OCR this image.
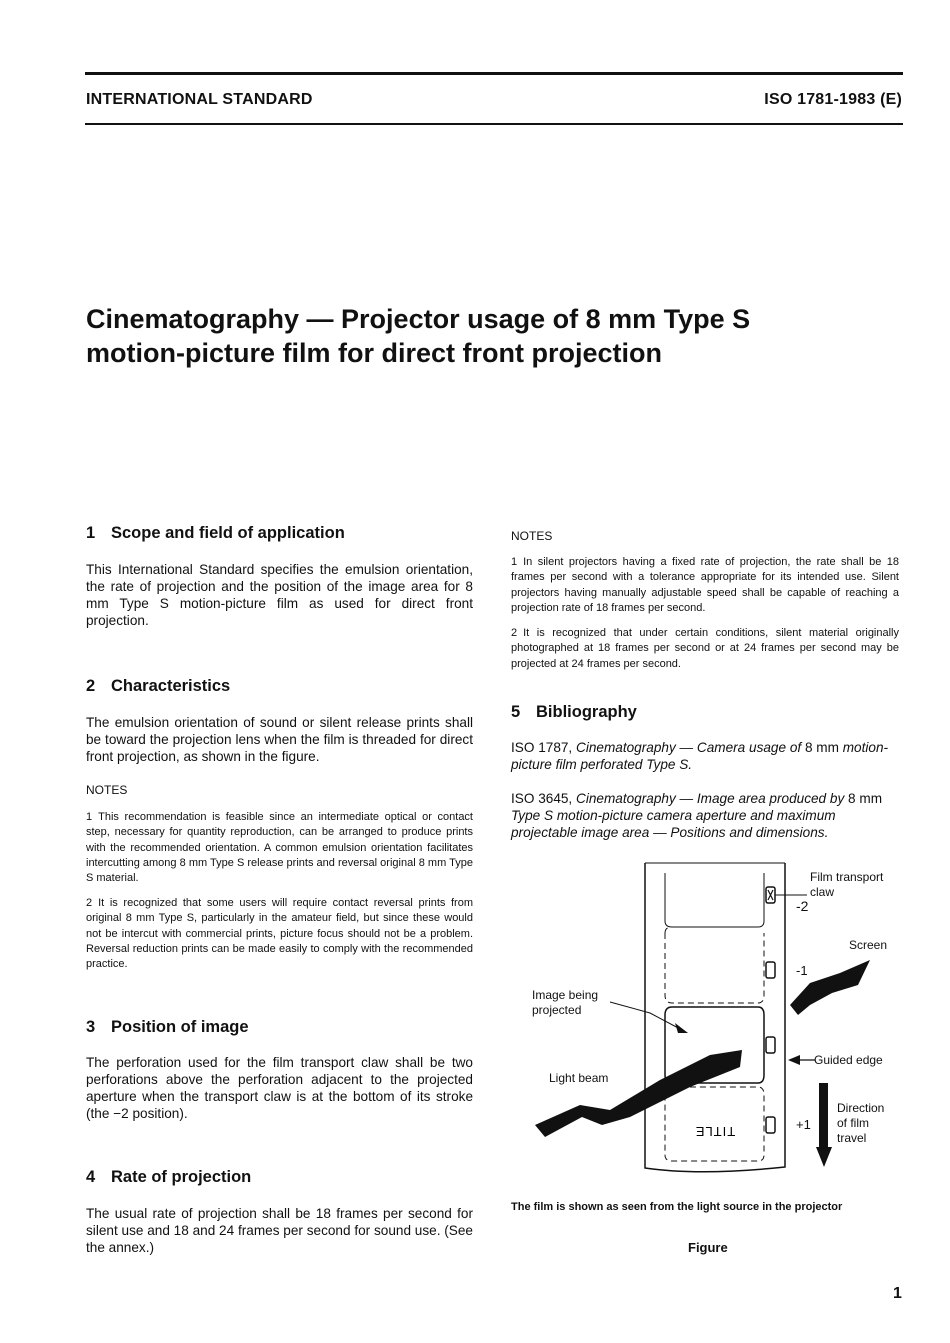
INTERNATIONAL STANDARD	ISO 1781-1983 (E)
Cinematography — Projector usage of 8 mm Type S
motion-picture film for direct front projection
1 Scope and field of application

This International Standard specifies the emulsion orientation, the rate of projection and the position of the image area for 8 mm Type S motion-picture film as used for direct front projection.

2 Characteristics

The emulsion orientation of sound or silent release prints shall be toward the projection lens when the film is threaded for direct front projection, as shown in the figure.

NOTES

1 This recommendation is feasible since an intermediate optical or contact step, necessary for quantity reproduction, can be arranged to produce prints with the recommended orientation. A common emulsion orientation facilitates intercutting among 8 mm Type S release prints and reversal original 8 mm Type S material.

2 It is recognized that some users will require contact reversal prints from original 8 mm Type S, particularly in the amateur field, but since these would not be intercut with commercial prints, picture focus should not be a problem. Reversal reduction prints can be made easily to comply with the recommended practice.

3 Position of image

The perforation used for the film transport claw shall be two perforations above the perforation adjacent to the projected aperture when the transport claw is at the bottom of its stroke (the −2 position).

4 Rate of projection

The usual rate of projection shall be 18 frames per second for silent use and 18 and 24 frames per second for sound use. (See the annex.)

NOTES

1 In silent projectors having a fixed rate of projection, the rate shall be 18 frames per second with a tolerance appropriate for its intended use. Silent projectors having manually adjustable speed shall be capable of reaching a projection rate of 18 frames per second.

2 It is recognized that under certain conditions, silent material originally photographed at 18 frames per second or at 24 frames per second may be projected at 24 frames per second.

5 Bibliography

ISO 1787, Cinematography — Camera usage of 8 mm motion-picture film perforated Type S.

ISO 3645, Cinematography — Image area produced by 8 mm Type S motion-picture camera aperture and maximum projectable image area — Positions and dimensions.

TITLE
Film transport
claw
-2
Screen
-1
Image being
projected
Guided edge
Light beam
+1
Direction
of film
travel
The film is shown as seen from the light source in the projector
Figure
1
